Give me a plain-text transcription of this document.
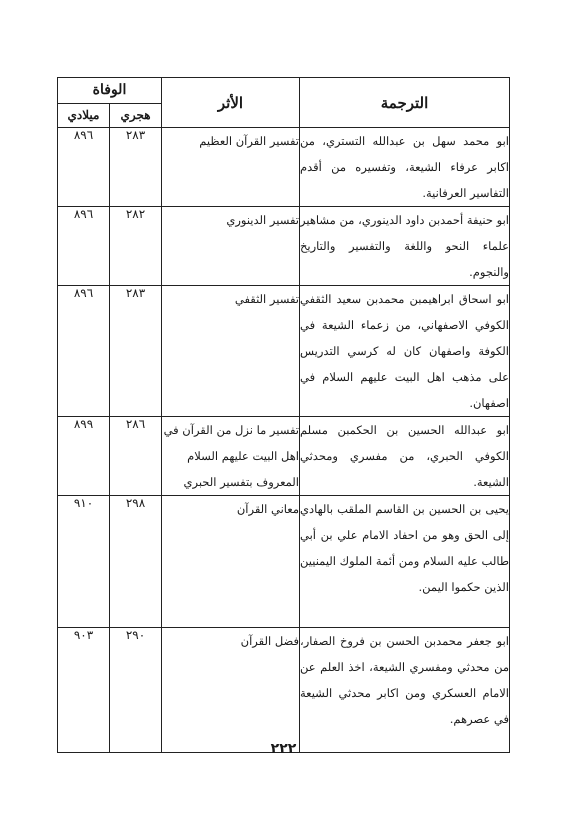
الترجمة	الأثر	الوفاة	
		هجري	ميلادي
ابو محمد سهل بن عبدالله التستري، من اكابر عرفاء الشيعة، وتفسيره من أقدم التفاسير العرفانية.	تفسير القرآن العظيم	٢٨٣	٨٩٦
ابو حنيفة أحمدبن داود الدينوري، من مشاهير علماء النحو واللغة والتفسير والتاريخ والنجوم.	تفسير الدينوري	٢٨٢	٨٩٦
ابو اسحاق ابراهيمبن محمدبن سعيد الثقفي الكوفي الاصفهاني، من زعماء الشيعة في الكوفة واصفهان كان له كرسي التدريس على مذهب اهل البيت عليهم السلام في اصفهان.	تفسير الثقفي	٢٨٣	٨٩٦
ابو عبدالله الحسين بن الحكمبن مسلم الكوفي الحبري، من مفسري ومحدثي الشيعة.	تفسير ما نزل من القرآن في اهل البيت عليهم السلام المعروف بتفسير الحبري	٢٨٦	٨٩٩
يحيى بن الحسين بن القاسم الملقب بالهادي إلى الحق وهو من احفاد الامام علي بن أبي طالب عليه السلام ومن أئمة الملوك اليمنيين الذين حكموا اليمن.	معاني القرآن	٢٩٨	٩١٠
ابو جعفر محمدبن الحسن بن فروخ الصفار، من محدثي ومفسري الشيعة، اخذ العلم عن الامام العسكري ومن اكابر محدثي الشيعة في عصرهم.	فضل القرآن	٢٩٠	٩٠٣
٢٢٢
